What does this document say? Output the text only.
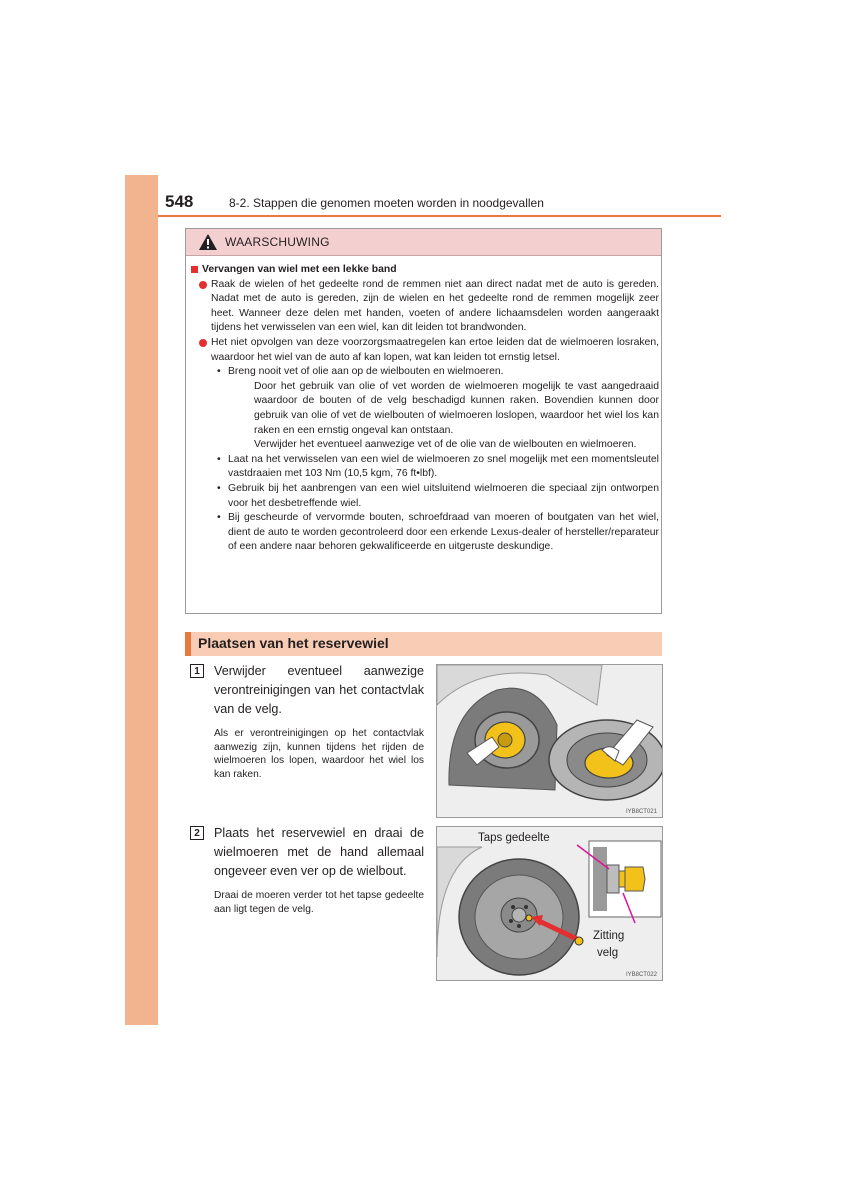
548	8-2. Stappen die genomen moeten worden in noodgevallen
WAARSCHUWING
Vervangen van wiel met een lekke band
Raak de wielen of het gedeelte rond de remmen niet aan direct nadat met de auto is gereden. Nadat met de auto is gereden, zijn de wielen en het gedeelte rond de remmen mogelijk zeer heet. Wanneer deze delen met handen, voeten of andere lichaamsdelen worden aangeraakt tijdens het verwisselen van een wiel, kan dit leiden tot brandwonden.
Het niet opvolgen van deze voorzorgsmaatregelen kan ertoe leiden dat de wielmoeren losraken, waardoor het wiel van de auto af kan lopen, wat kan leiden tot ernstig letsel.
• Breng nooit vet of olie aan op de wielbouten en wielmoeren.
Door het gebruik van olie of vet worden de wielmoeren mogelijk te vast aangedraaid waardoor de bouten of de velg beschadigd kunnen raken. Bovendien kunnen door gebruik van olie of vet de wielbouten of wielmoeren loslopen, waardoor het wiel los kan raken en een ernstig ongeval kan ontstaan.
Verwijder het eventueel aanwezige vet of de olie van de wielbouten en wielmoeren.
• Laat na het verwisselen van een wiel de wielmoeren zo snel mogelijk met een momentsleutel vastdraaien met 103 Nm (10,5 kgm, 76 ft•lbf).
• Gebruik bij het aanbrengen van een wiel uitsluitend wielmoeren die speciaal zijn ontworpen voor het desbetreffende wiel.
• Bij gescheurde of vervormde bouten, schroefdraad van moeren of boutgaten van het wiel, dient de auto te worden gecontroleerd door een erkende Lexus-dealer of hersteller/reparateur of een andere naar behoren gekwalificeerde en uitgeruste deskundige.
Plaatsen van het reservewiel
1	Verwijder eventueel aanwezige verontreinigingen van het contactvlak van de velg.
Als er verontreinigingen op het contactvlak aanwezig zijn, kunnen tijdens het rijden de wielmoeren los lopen, waardoor het wiel los kan raken.
IYB8CT021
2	Plaats het reservewiel en draai de wielmoeren met de hand allemaal ongeveer even ver op de wielbout.
Draai de moeren verder tot het tapse gedeelte aan ligt tegen de velg.
Taps gedeelte
Zitting
velg
IYB8CT022
